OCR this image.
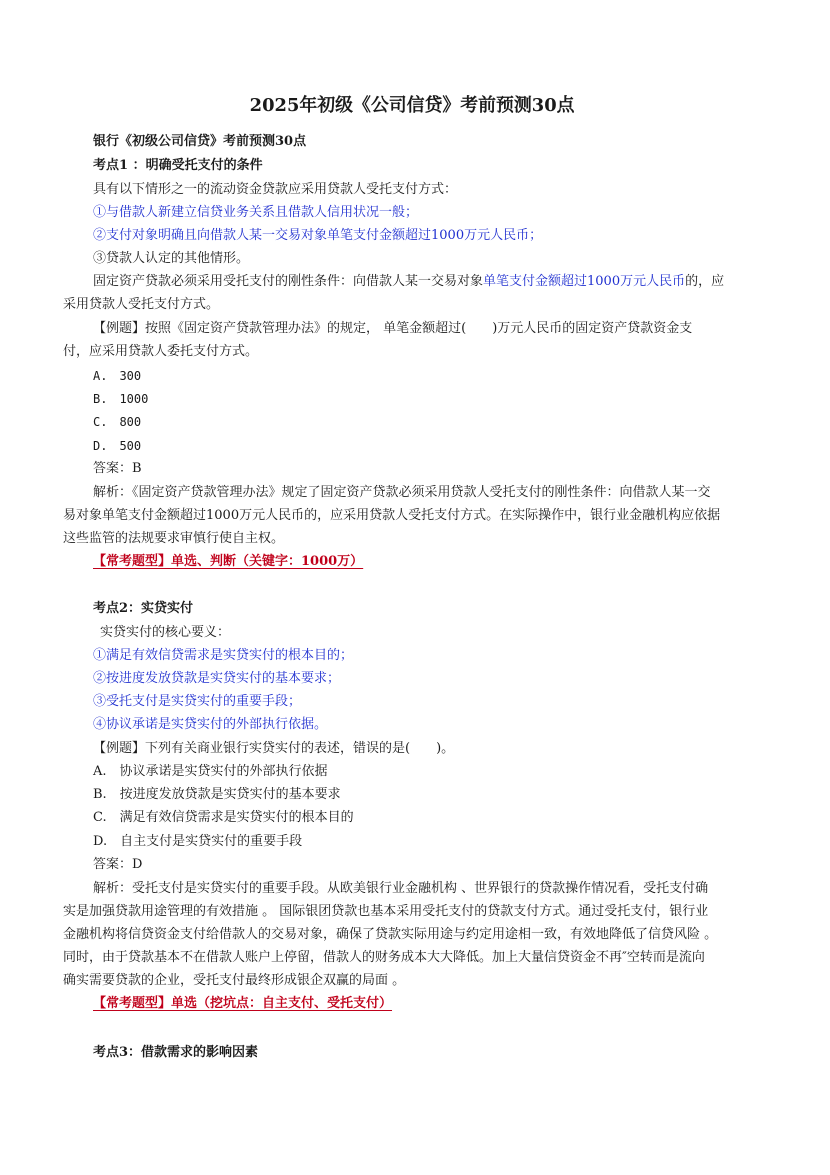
2025年初级《公司信贷》考前预测30点
银行《初级公司信贷》考前预测30点
考点1 ：明确受托支付的条件
具有以下情形之一的流动资金贷款应采用贷款人受托支付方式：
①与借款人新建立信贷业务关系且借款人信用状况一般；
②支付对象明确且向借款人某一交易对象单笔支付金额超过1000万元人民币；
③贷款人认定的其他情形。
固定资产贷款必须采用受托支付的刚性条件：向借款人某一交易对象单笔支付金额超过1000万元人民币的，应
采用贷款人受托支付方式。
【例题】按照《固定资产贷款管理办法》的规定， 单笔金额超过(　　)万元人民币的固定资产贷款资金支
付，应采用贷款人委托支付方式。
A.　300
B.　1000
C.　800
D.　500
答案：B
解析：《固定资产贷款管理办法》规定了固定资产贷款必须采用贷款人受托支付的刚性条件：向借款人某一交
易对象单笔支付金额超过1000万元人民币的，应采用贷款人受托支付方式。在实际操作中，银行业金融机构应依据
这些监管的法规要求审慎行使自主权。
【常考题型】单选、判断（关键字：1000万）
考点2：实贷实付
实贷实付的核心要义：
①满足有效信贷需求是实贷实付的根本目的；
②按进度发放贷款是实贷实付的基本要求；
③受托支付是实贷实付的重要手段；
④协议承诺是实贷实付的外部执行依据。
【例题】下列有关商业银行实贷实付的表述，错误的是(　　)。
A.　协议承诺是实贷实付的外部执行依据
B.　按进度发放贷款是实贷实付的基本要求
C.　满足有效信贷需求是实贷实付的根本目的
D.　自主支付是实贷实付的重要手段
答案：D
解析：受托支付是实贷实付的重要手段。从欧美银行业金融机构 、世界银行的贷款操作情况看，受托支付确
实是加强贷款用途管理的有效措施 。 国际银团贷款也基本采用受托支付的贷款支付方式。通过受托支付，银行业
金融机构将信贷资金支付给借款人的交易对象，确保了贷款实际用途与约定用途相一致，有效地降低了信贷风险 。
同时，由于贷款基本不在借款人账户上停留，借款人的财务成本大大降低。加上大量信贷资金不再″空转而是流向
确实需要贷款的企业，受托支付最终形成银企双赢的局面 。
【常考题型】单选（挖坑点：自主支付、受托支付）
考点3：借款需求的影响因素
